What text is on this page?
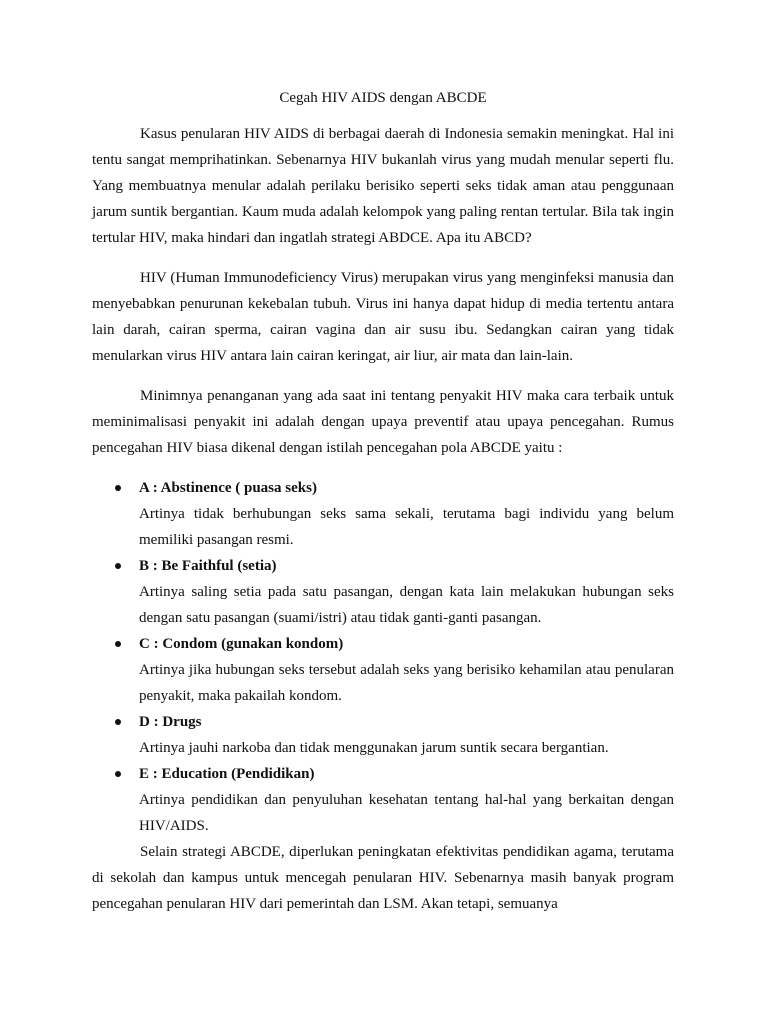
Cegah HIV AIDS dengan ABCDE

Kasus penularan HIV AIDS di berbagai daerah di Indonesia semakin meningkat. Hal ini tentu sangat memprihatinkan. Sebenarnya HIV bukanlah virus yang mudah menular seperti flu. Yang membuatnya menular adalah perilaku berisiko seperti seks tidak aman atau penggunaan jarum suntik bergantian. Kaum muda adalah kelompok yang paling rentan tertular. Bila tak ingin tertular HIV, maka hindari dan ingatlah strategi ABDCE. Apa itu ABCD?

HIV (Human Immunodeficiency Virus) merupakan virus yang menginfeksi manusia dan menyebabkan penurunan kekebalan tubuh. Virus ini hanya dapat hidup di media tertentu antara lain darah, cairan sperma, cairan vagina dan air susu ibu. Sedangkan cairan yang tidak menularkan virus HIV antara lain cairan keringat, air liur, air mata dan lain-lain.

Minimnya penanganan yang ada saat ini tentang penyakit HIV maka cara terbaik untuk meminimalisasi penyakit ini adalah dengan upaya preventif atau upaya pencegahan. Rumus pencegahan HIV biasa dikenal dengan istilah pencegahan pola ABCDE yaitu :

A : Abstinence ( puasa seks)
Artinya tidak berhubungan seks sama sekali, terutama bagi individu yang belum memiliki pasangan resmi.
B : Be Faithful (setia)
Artinya saling setia pada satu pasangan, dengan kata lain melakukan hubungan seks dengan satu pasangan (suami/istri) atau tidak ganti-ganti pasangan.
C : Condom (gunakan kondom)
Artinya jika hubungan seks tersebut adalah seks yang berisiko kehamilan atau penularan penyakit, maka pakailah kondom.
D : Drugs
Artinya jauhi narkoba dan tidak menggunakan jarum suntik secara bergantian.
E : Education (Pendidikan)
Artinya pendidikan dan penyuluhan kesehatan tentang hal-hal yang berkaitan dengan HIV/AIDS.

Selain strategi ABCDE, diperlukan peningkatan efektivitas pendidikan agama, terutama di sekolah dan kampus untuk mencegah penularan HIV. Sebenarnya masih banyak program pencegahan penularan HIV dari pemerintah dan LSM. Akan tetapi, semuanya
